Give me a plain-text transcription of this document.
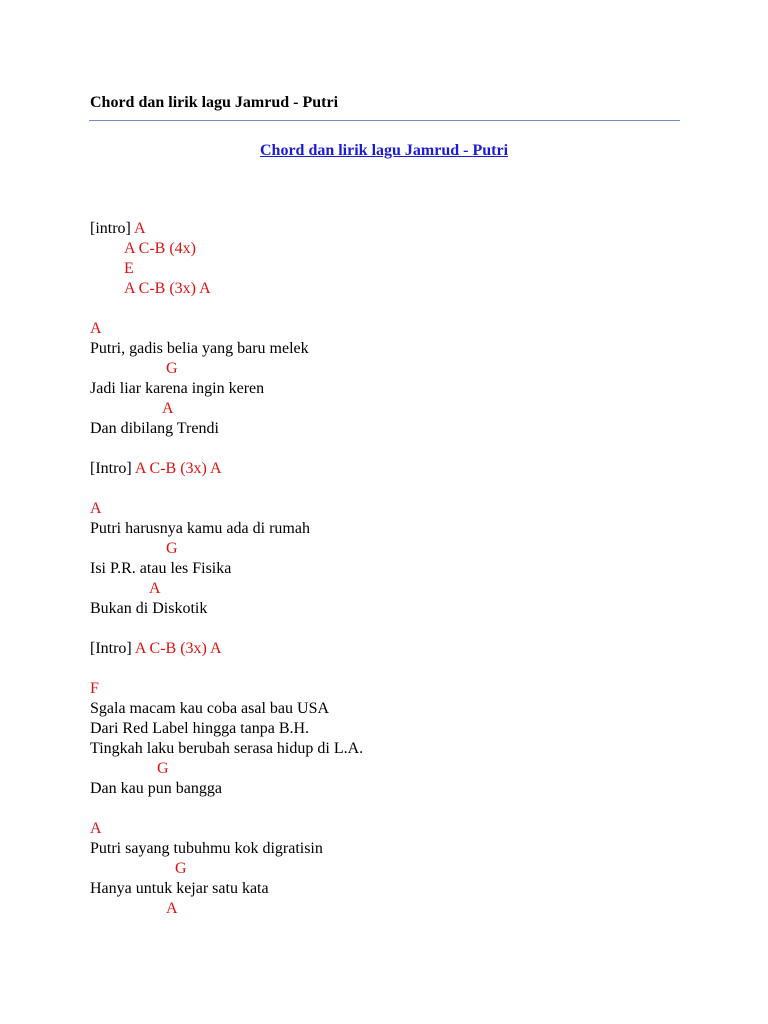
Chord dan lirik lagu Jamrud - Putri
Chord dan lirik lagu Jamrud - Putri
[intro] A
A C-B (4x)
E
A C-B (3x) A
A
Putri, gadis belia yang baru melek
G
Jadi liar karena ingin keren
A
Dan dibilang Trendi
[Intro] A C-B (3x) A
A
Putri harusnya kamu ada di rumah
G
Isi P.R. atau les Fisika
A
Bukan di Diskotik
[Intro] A C-B (3x) A
F
Sgala macam kau coba asal bau USA
Dari Red Label hingga tanpa B.H.
Tingkah laku berubah serasa hidup di L.A.
G
Dan kau pun bangga
A
Putri sayang tubuhmu kok digratisin
G
Hanya untuk kejar satu kata
A
